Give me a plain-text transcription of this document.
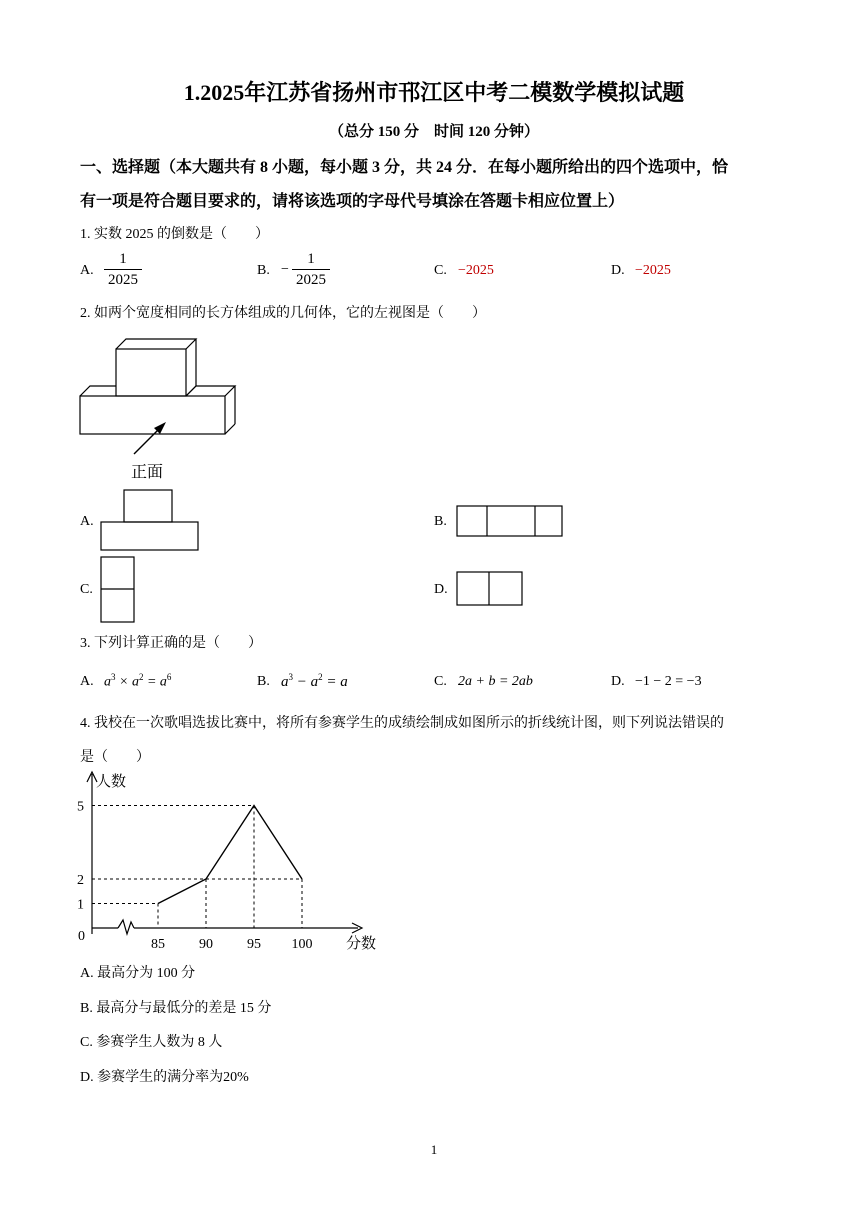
1.2025年江苏省扬州市邗江区中考二模数学模拟试题
（总分 150 分　时间 120 分钟）
一、选择题（本大题共有 8 小题，每小题 3 分，共 24 分．在每小题所给出的四个选项中，恰
有一项是符合题目要求的，请将该选项的字母代号填涂在答题卡相应位置上）
1. 实数 2025 的倒数是（　　）
A.
1
2025
B. −
1
2025
C. −2025	D. −2025
2. 如两个宽度相同的长方体组成的几何体，它的左视图是（　　）
正面
A.	B.
C.	D.
3. 下列计算正确的是（　　）
A. $a^3 \times a^2 = a^6$	B. $a^3 - a^2 = a$	C. 2a + b = 2ab	D. −1 − 2 = −3
4. 我校在一次歌唱选拔比赛中，将所有参赛学生的成绩绘制成如图所示的折线统计图，则下列说法错误的
是（　　）
人数
分数
0
85 90 95 100
1
2
5
A. 最高分为 100 分
B. 最高分与最低分的差是 15 分
C. 参赛学生人数为 8 人
D. 参赛学生的满分率为20%
1
